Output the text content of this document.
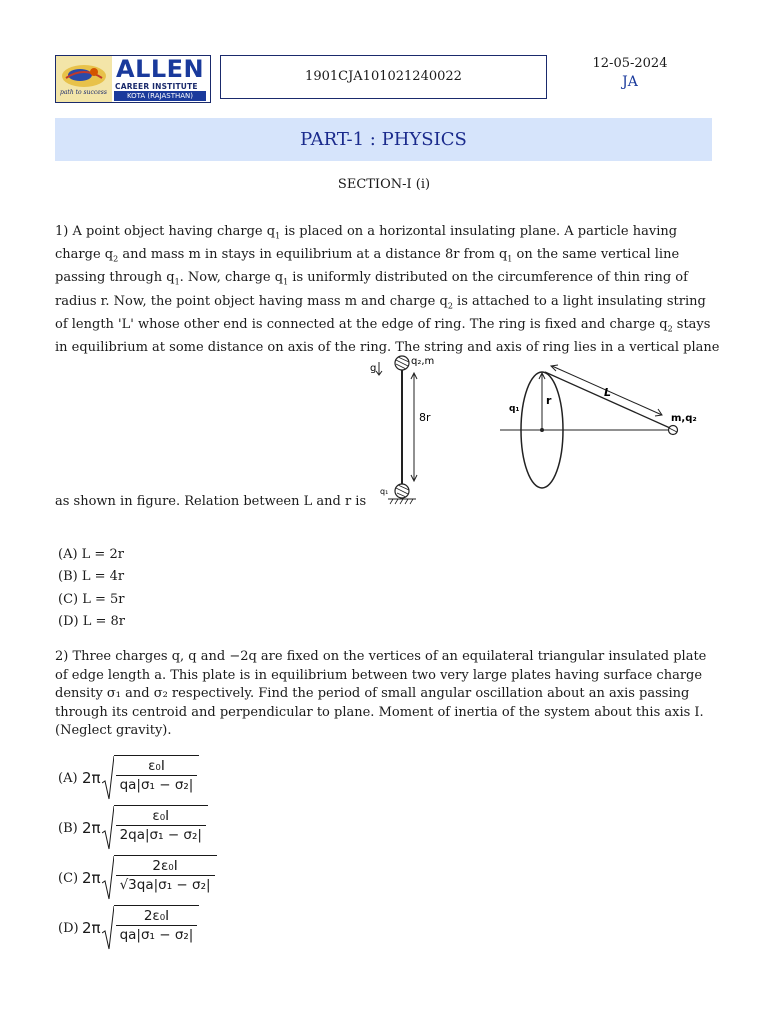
path to success
ALLEN
CAREER INSTITUTE
KOTA (RAJASTHAN)
1901CJA101021240022
12-05-2024
JA
PART-1 : PHYSICS
SECTION-I (i)
1) A point object having charge $q_1$ is placed on a horizontal insulating plane. A particle having charge $q_2$ and mass m in stays in equilibrium at a distance 8r from $q_1$ on the same vertical line passing through $q_1$. Now, charge $q_1$ is uniformly distributed on the circumference of thin ring of radius r. Now, the point object having mass m and charge $q_2$ is attached to a light insulating string of length 'L' whose other end is connected at the edge of ring. The ring is fixed and charge $q_2$ stays in equilibrium at some distance on axis of the ring. The string and axis of ring lies in a vertical plane
g
q₂,m
8r
q₁
r
q₁
L
m,q₂
as shown in figure. Relation between L and r is
(A) L = 2r
(B) L = 4r
(C) L = 5r
(D) L = 8r
2) Three charges q, q and −2q are fixed on the vertices of an equilateral triangular insulated plate of edge length a. This plate is in equilibrium between two very large plates having surface charge density σ₁ and σ₂ respectively. Find the period of small angular oscillation about an axis passing through its centroid and perpendicular to plane. Moment of inertia of the system about this axis I. (Neglect gravity).
(A) $2\pi \frac{\text{ε₀I}}{\text{qa|σ₁ − σ₂|}}$
(B) $2\pi \frac{\text{ε₀I}}{\text{2qa|σ₁ − σ₂|}}$
(C) $2\pi \frac{\text{2ε₀I}}{\text{√3qa|σ₁ − σ₂|}}$
(D) $2\pi \frac{\text{2ε₀I}}{\text{qa|σ₁ − σ₂|}}$
